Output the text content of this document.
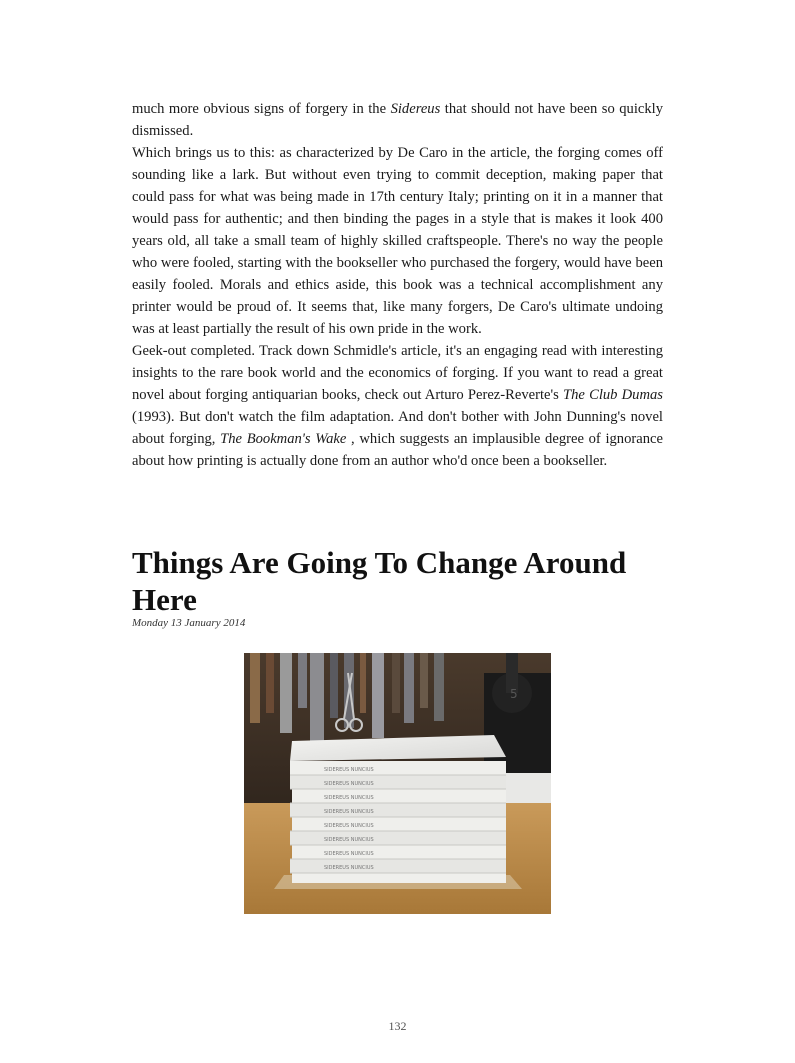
much more obvious signs of forgery in the Sidereus that should not have been so quickly dismissed.

Which brings us to this: as characterized by De Caro in the article, the forging comes off sounding like a lark. But without even trying to commit deception, making paper that could pass for what was being made in 17th century Italy; printing on it in a manner that would pass for authentic; and then binding the pages in a style that is makes it look 400 years old, all take a small team of highly skilled craftspeople. There's no way the people who were fooled, starting with the bookseller who purchased the forgery, would have been easily fooled. Morals and ethics aside, this book was a technical accomplishment any printer would be proud of. It seems that, like many forgers, De Caro's ultimate undoing was at least partially the result of his own pride in the work.

Geek-out completed. Track down Schmidle's article, it's an engaging read with interesting insights to the rare book world and the economics of forging. If you want to read a great novel about forging antiquarian books, check out Arturo Perez-Reverte's The Club Dumas (1993). But don't watch the film adaptation. And don't bother with John Dunning's novel about forging, The Bookman's Wake , which suggests an implausible degree of ignorance about how printing is actually done from an author who'd once been a bookseller.

Things Are Going To Change Around Here
Monday 13 January 2014
5
SIDEREUS NUNCIUS
SIDEREUS NUNCIUS
SIDEREUS NUNCIUS
SIDEREUS NUNCIUS
SIDEREUS NUNCIUS
SIDEREUS NUNCIUS
SIDEREUS NUNCIUS
SIDEREUS NUNCIUS
132
